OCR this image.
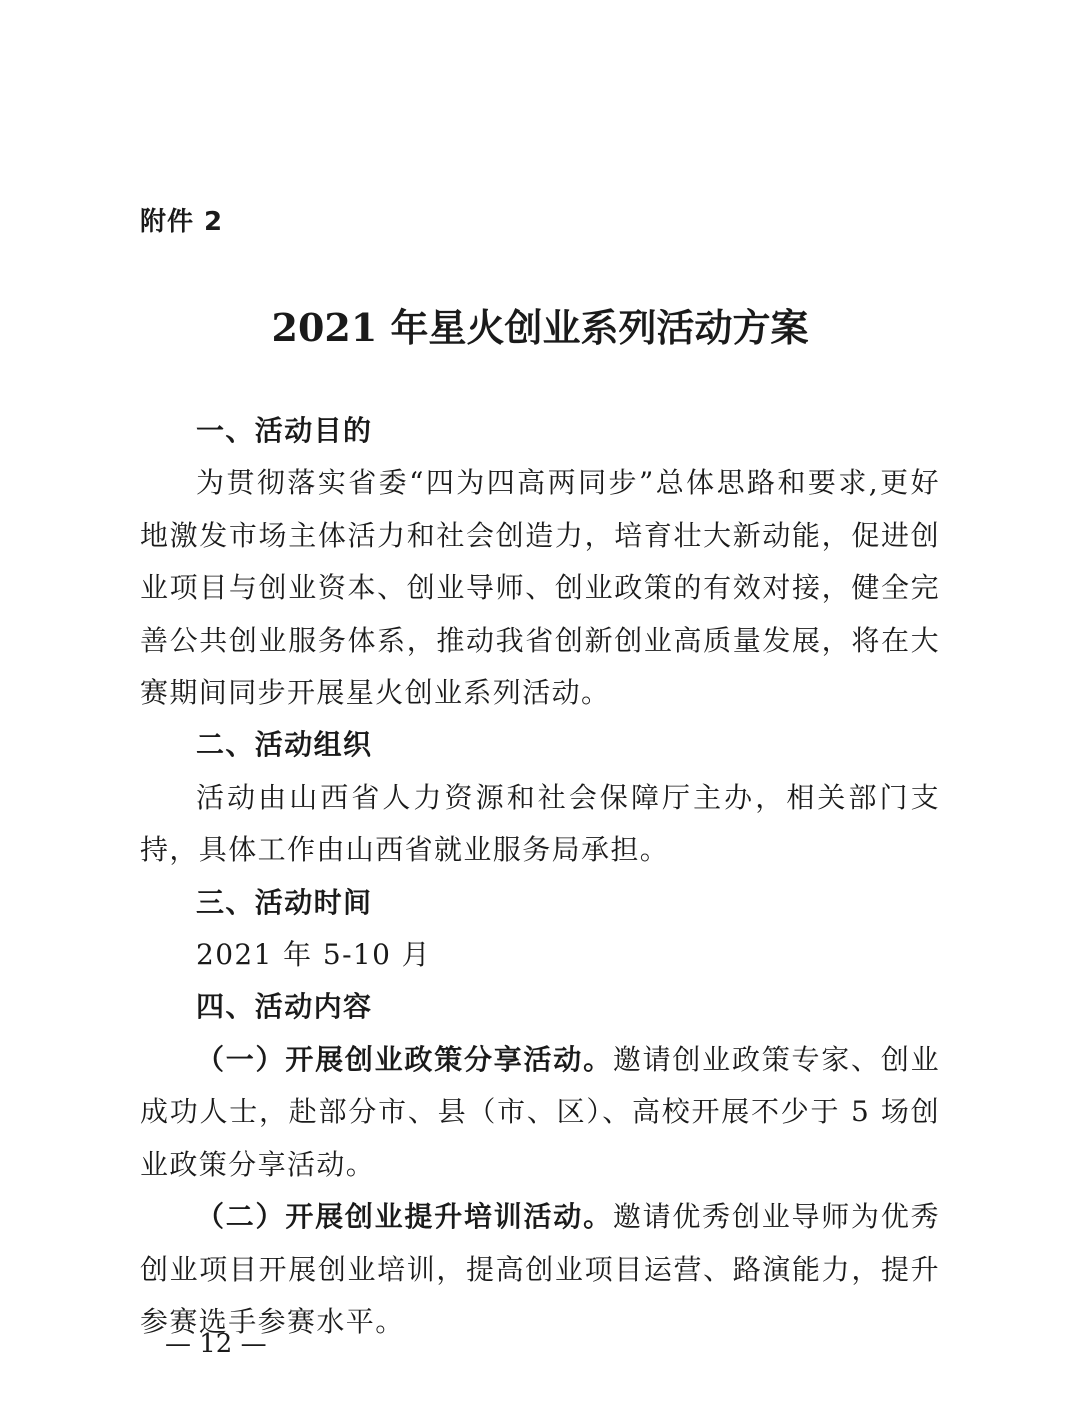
附件 2
2021 年星火创业系列活动方案
一、活动目的

为贯彻落实省委“四为四高两同步”总体思路和要求,更好地激发市场主体活力和社会创造力，培育壮大新动能，促进创业项目与创业资本、创业导师、创业政策的有效对接，健全完善公共创业服务体系，推动我省创新创业高质量发展，将在大赛期间同步开展星火创业系列活动。

二、活动组织

活动由山西省人力资源和社会保障厅主办，相关部门支持，具体工作由山西省就业服务局承担。

三、活动时间

2021 年 5-10 月

四、活动内容

（一）开展创业政策分享活动。邀请创业政策专家、创业成功人士，赴部分市、县（市、区）、高校开展不少于 5 场创业政策分享活动。

（二）开展创业提升培训活动。邀请优秀创业导师为优秀创业项目开展创业培训，提高创业项目运营、路演能力，提升参赛选手参赛水平。

— 12 —
